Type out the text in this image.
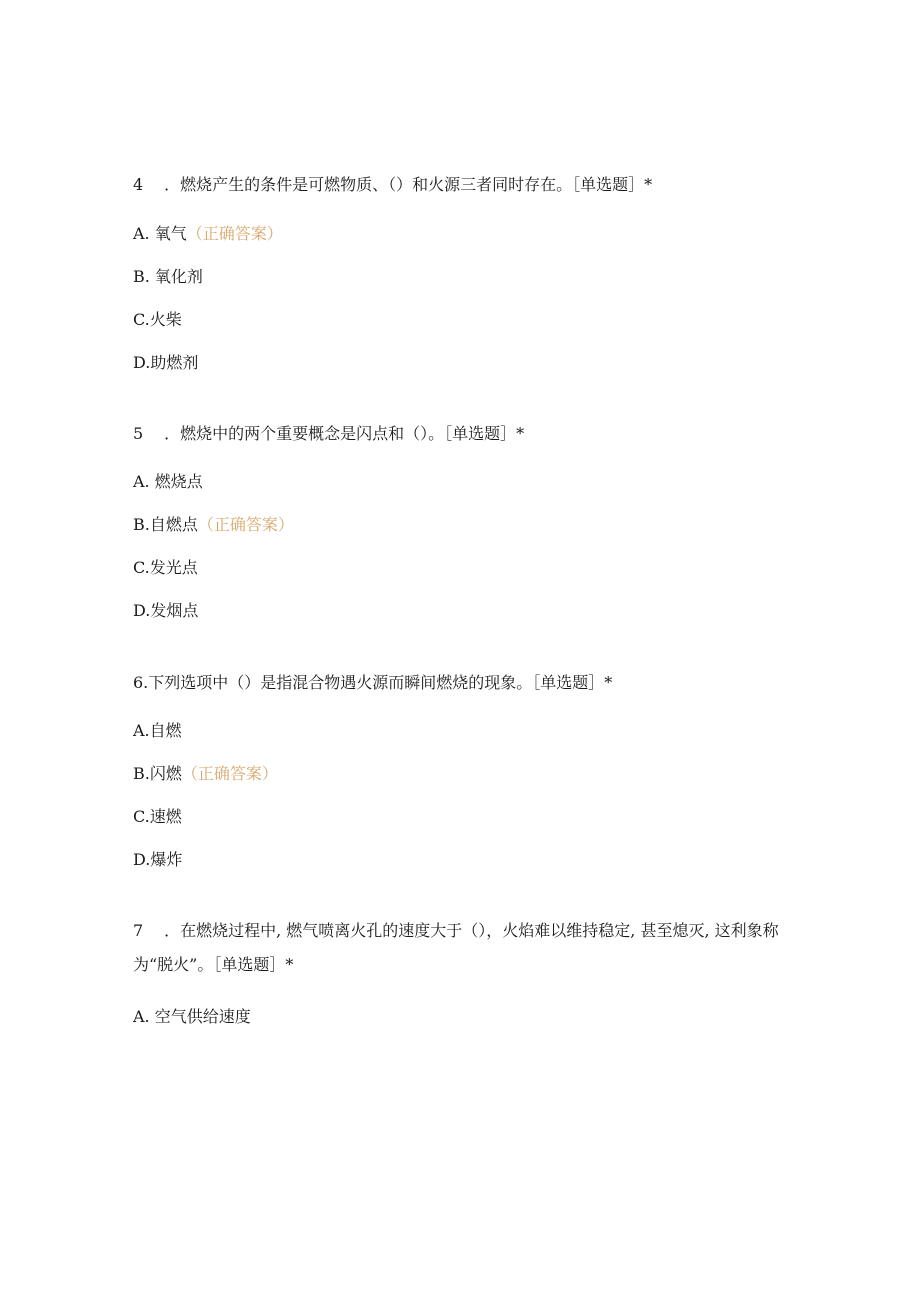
4 ．燃烧产生的条件是可燃物质、（）和火源三者同时存在。［单选题］*

A. 氧气（正确答案）
B. 氧化剂
C.火柴
D.助燃剂

5 ．燃烧中的两个重要概念是闪点和（）。［单选题］*

A. 燃烧点
B.自燃点（正确答案）
C.发光点
D.发烟点

6.下列选项中（）是指混合物遇火源而瞬间燃烧的现象。［单选题］*

A.自燃
B.闪燃（正确答案）
C.速燃
D.爆炸

7 ．在燃烧过程中, 燃气喷离火孔的速度大于（），火焰难以维持稳定, 甚至熄灭, 这利象称为“脱火”。［单选题］*

A. 空气供给速度
